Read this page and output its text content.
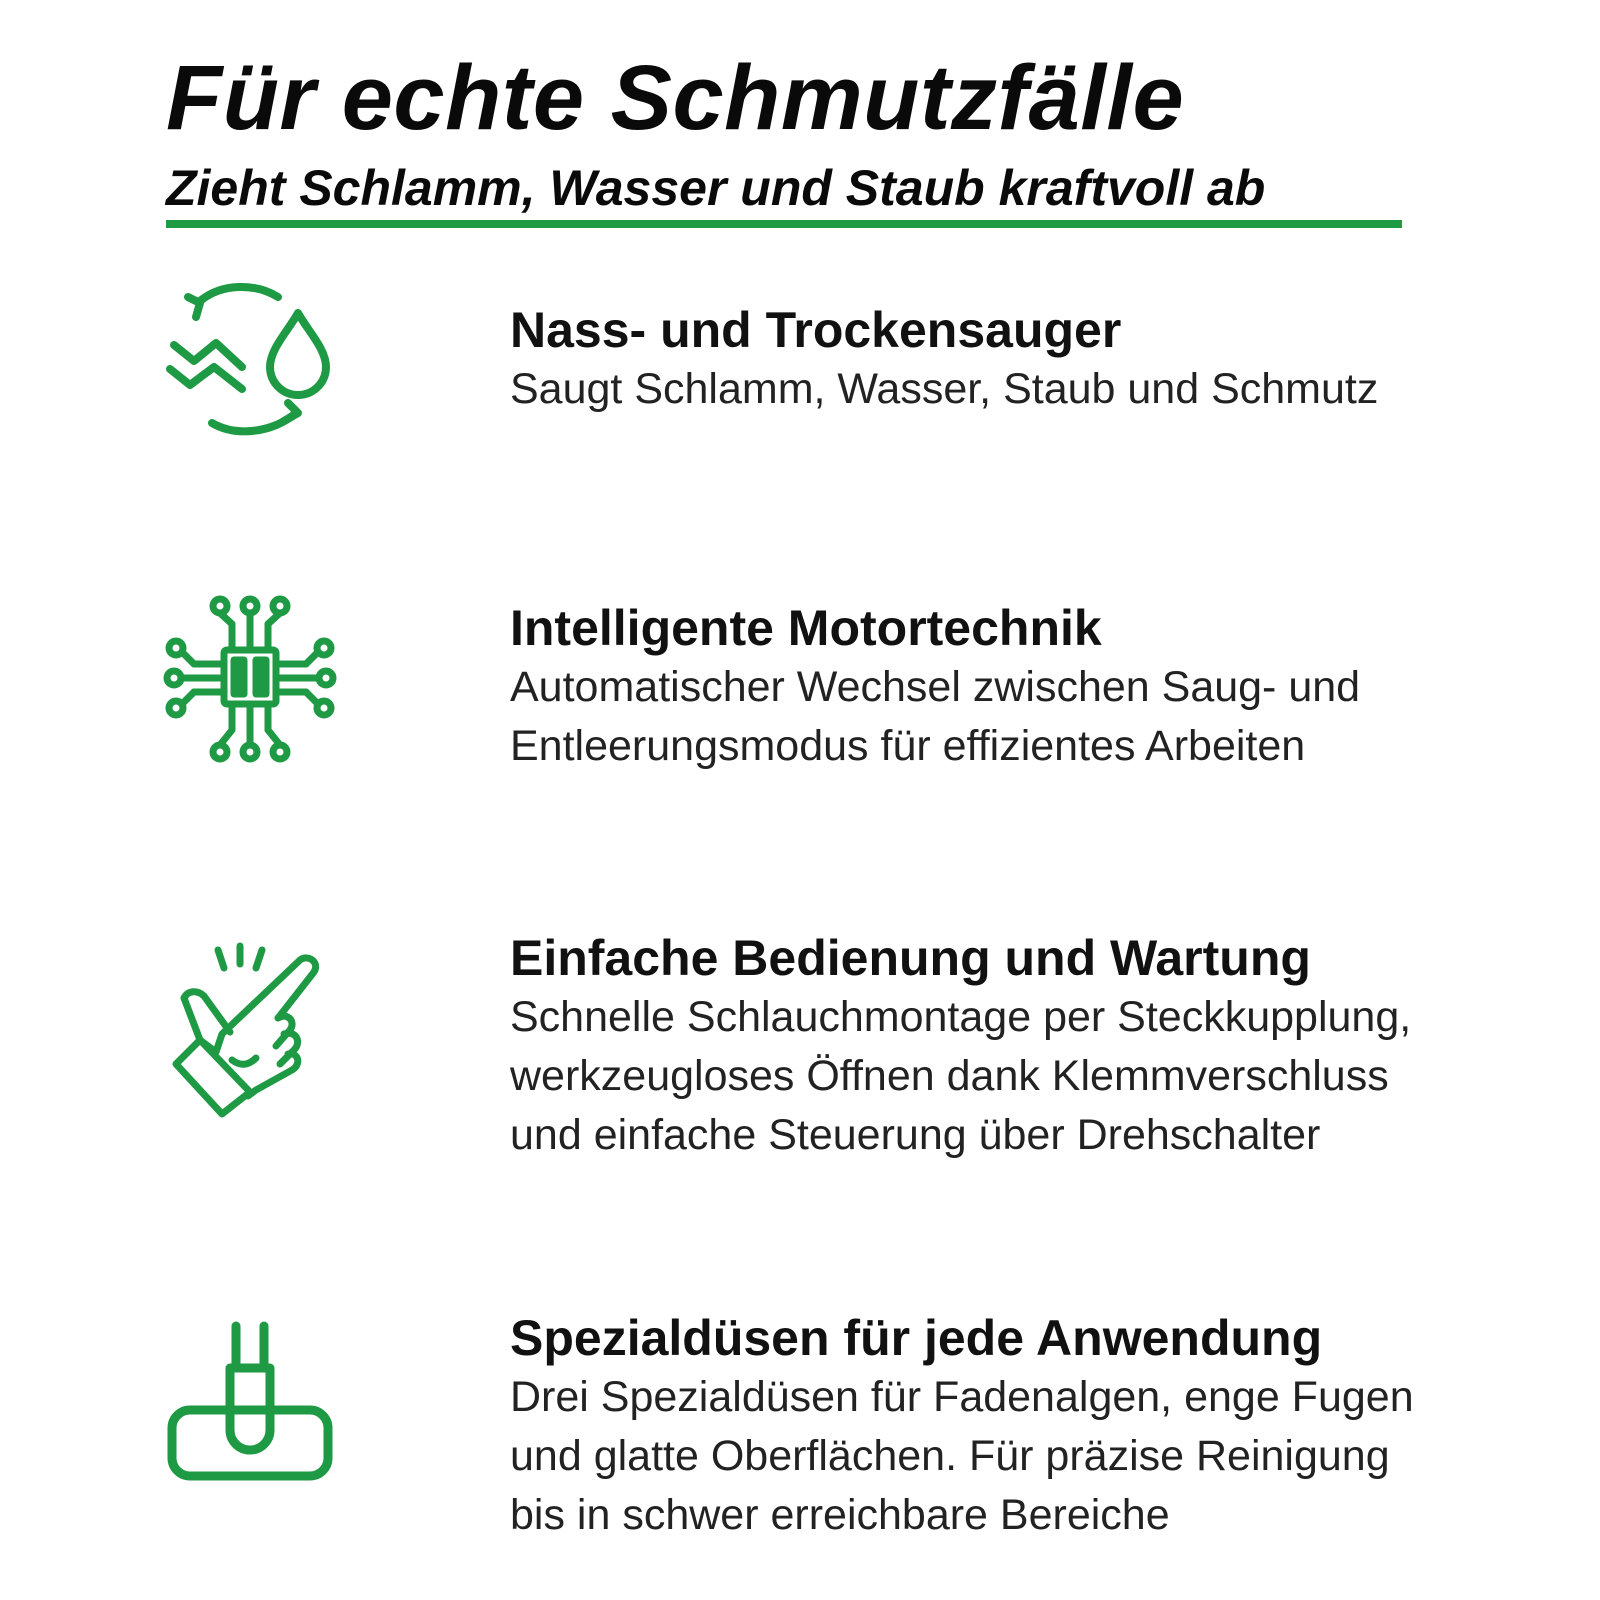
Für echte Schmutzfälle
Zieht Schlamm, Wasser und Staub kraftvoll ab
Nass- und Trockensauger

Saugt Schlamm, Wasser, Staub und Schmutz

Intelligente Motortechnik

Automatischer Wechsel zwischen Saug- und
Entleerungsmodus für effizientes Arbeiten

Einfache Bedienung und Wartung

Schnelle Schlauchmontage per Steckkupplung,
werkzeugloses Öffnen dank Klemmverschluss
und einfache Steuerung über Drehschalter

Spezialdüsen für jede Anwendung

Drei Spezialdüsen für Fadenalgen, enge Fugen
und glatte Oberflächen. Für präzise Reinigung
bis in schwer erreichbare Bereiche
